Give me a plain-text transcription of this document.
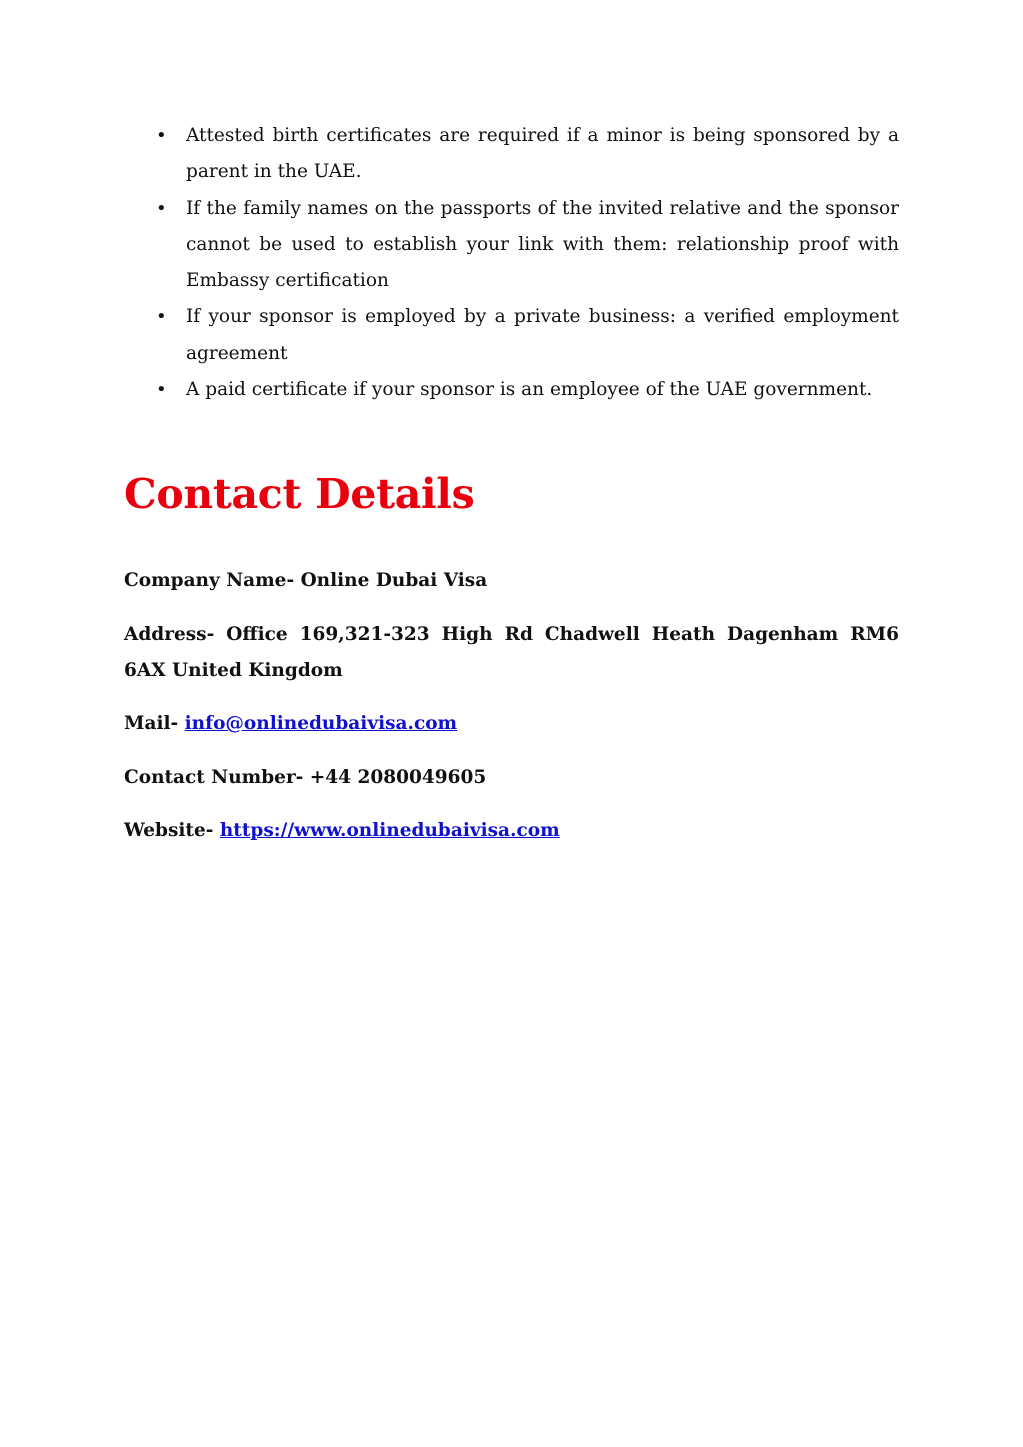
• Attested birth certificates are required if a minor is being sponsored by a parent in the UAE.
• If the family names on the passports of the invited relative and the sponsor cannot be used to establish your link with them: relationship proof with Embassy certification
• If your sponsor is employed by a private business: a verified employment agreement
• A paid certificate if your sponsor is an employee of the UAE government.
Contact Details

Company Name- Online Dubai Visa

Address- Office 169,321-323 High Rd Chadwell Heath Dagenham RM6 6AX United Kingdom

Mail- info@onlinedubaivisa.com

Contact Number- +44 2080049605

Website- https://www.onlinedubaivisa.com
